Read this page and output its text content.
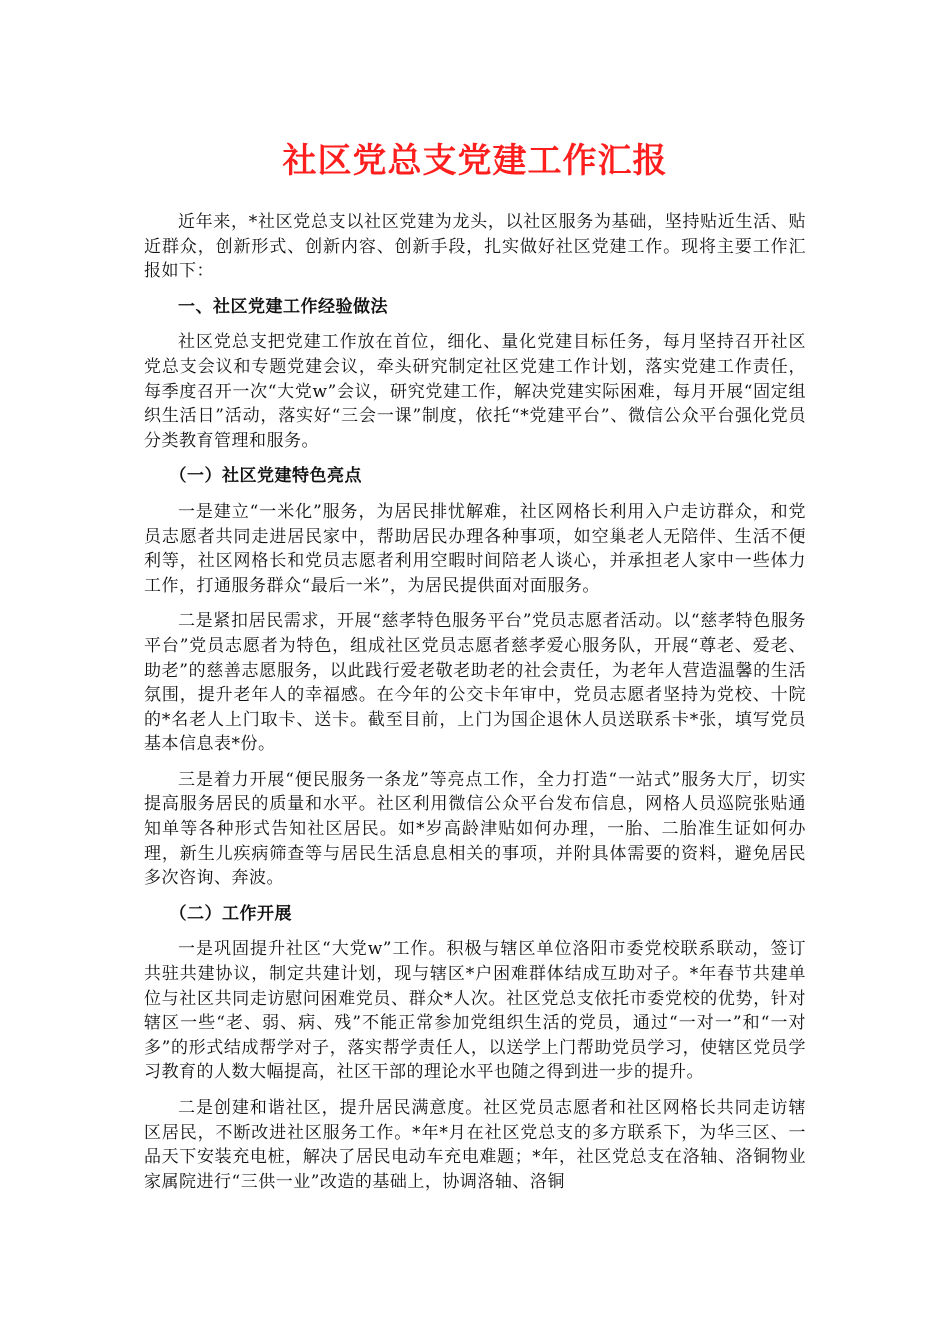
社区党总支党建工作汇报

近年来，*社区党总支以社区党建为龙头，以社区服务为基础，坚持贴近生活、贴近群众，创新形式、创新内容、创新手段，扎实做好社区党建工作。现将主要工作汇报如下：

一、社区党建工作经验做法

社区党总支把党建工作放在首位，细化、量化党建目标任务，每月坚持召开社区党总支会议和专题党建会议，牵头研究制定社区党建工作计划，落实党建工作责任，每季度召开一次“大党w”会议，研究党建工作，解决党建实际困难，每月开展“固定组织生活日”活动，落实好“三会一课”制度，依托“*党建平台”、微信公众平台强化党员分类教育管理和服务。

（一）社区党建特色亮点

一是建立“一米化”服务，为居民排忧解难，社区网格长利用入户走访群众，和党员志愿者共同走进居民家中，帮助居民办理各种事项，如空巢老人无陪伴、生活不便利等，社区网格长和党员志愿者利用空暇时间陪老人谈心，并承担老人家中一些体力工作，打通服务群众“最后一米”，为居民提供面对面服务。

二是紧扣居民需求，开展“慈孝特色服务平台”党员志愿者活动。以“慈孝特色服务平台”党员志愿者为特色，组成社区党员志愿者慈孝爱心服务队，开展“尊老、爱老、助老”的慈善志愿服务，以此践行爱老敬老助老的社会责任，为老年人营造温馨的生活氛围，提升老年人的幸福感。在今年的公交卡年审中，党员志愿者坚持为党校、十院的*名老人上门取卡、送卡。截至目前，上门为国企退休人员送联系卡*张，填写党员基本信息表*份。

三是着力开展“便民服务一条龙”等亮点工作，全力打造“一站式”服务大厅，切实提高服务居民的质量和水平。社区利用微信公众平台发布信息，网格人员巡院张贴通知单等各种形式告知社区居民。如*岁高龄津贴如何办理，一胎、二胎准生证如何办理，新生儿疾病筛查等与居民生活息息相关的事项，并附具体需要的资料，避免居民多次咨询、奔波。

（二）工作开展

一是巩固提升社区“大党w”工作。积极与辖区单位洛阳市委党校联系联动，签订共驻共建协议，制定共建计划，现与辖区*户困难群体结成互助对子。*年春节共建单位与社区共同走访慰问困难党员、群众*人次。社区党总支依托市委党校的优势，针对辖区一些“老、弱、病、残”不能正常参加党组织生活的党员，通过“一对一”和“一对多”的形式结成帮学对子，落实帮学责任人，以送学上门帮助党员学习，使辖区党员学习教育的人数大幅提高，社区干部的理论水平也随之得到进一步的提升。

二是创建和谐社区，提升居民满意度。社区党员志愿者和社区网格长共同走访辖区居民，不断改进社区服务工作。*年*月在社区党总支的多方联系下，为华三区、一品天下安装充电桩，解决了居民电动车充电难题；*年，社区党总支在洛轴、洛铜物业家属院进行“三供一业”改造的基础上，协调洛轴、洛铜
